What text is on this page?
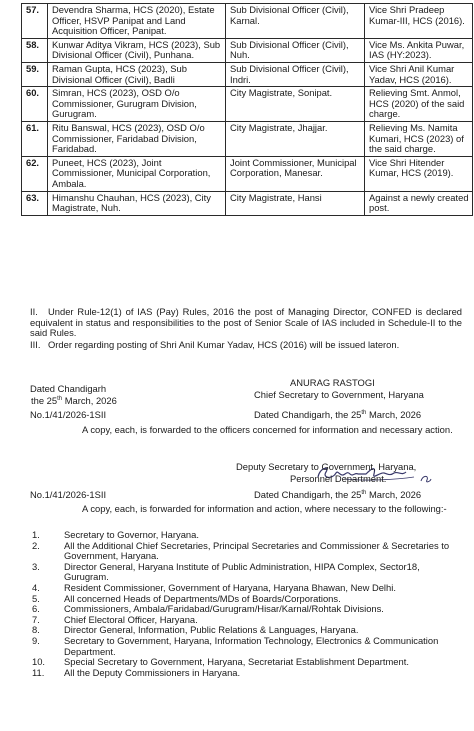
57.	Devendra Sharma, HCS (2020), Estate Officer, HSVP Panipat and Land Acquisition Officer, Panipat.	Sub Divisional Officer (Civil), Karnal.	Vice Shri Pradeep Kumar-III, HCS (2016).
58.	Kunwar Aditya Vikram, HCS (2023), Sub Divisional Officer (Civil), Punhana.	Sub Divisional Officer (Civil), Nuh.	Vice Ms. Ankita Puwar, IAS (HY:2023).
59.	Raman Gupta, HCS (2023), Sub Divisional Officer (Civil), Badli	Sub Divisional Officer (Civil), Indri.	Vice Shri Anil Kumar Yadav, HCS (2016).
60.	Simran, HCS (2023), OSD O/o Commissioner, Gurugram Division, Gurugram.	City Magistrate, Sonipat.	Relieving Smt. Anmol, HCS (2020) of the said charge.
61.	Ritu Banswal, HCS (2023), OSD O/o Commissioner, Faridabad Division, Faridabad.	City Magistrate, Jhajjar.	Relieving Ms. Namita Kumari, HCS (2023) of the said charge.
62.	Puneet, HCS (2023), Joint Commissioner, Municipal Corporation, Ambala.	Joint Commissioner, Municipal Corporation, Manesar.	Vice Shri Hitender Kumar, HCS (2019).
63.	Himanshu Chauhan, HCS (2023), City Magistrate, Nuh.	City Magistrate, Hansi	Against a newly created post.
II. Under Rule-12(1) of IAS (Pay) Rules, 2016 the post of Managing Director, CONFED is declared equivalent in status and responsibilities to the post of Senior Scale of IAS included in Schedule-II to the said Rules.
III. Order regarding posting of Shri Anil Kumar Yadav, HCS (2016) will be issued lateron.
Dated Chandigarh
the 25th March, 2026
ANURAG RASTOGI
Chief Secretary to Government, Haryana
No.1/41/2026-1SII	Dated Chandigarh, the 25th March, 2026
A copy, each, is forwarded to the officers concerned for information and necessary action.
Deputy Secretary to Government, Haryana,
Personnel Department.
No.1/41/2026-1SII	Dated Chandigarh, the 25th March, 2026
A copy, each, is forwarded for information and action, where necessary to the following:-
1.	Secretary to Governor, Haryana.
2.	All the Additional Chief Secretaries, Principal Secretaries and Commissioner & Secretaries to Government, Haryana.
3.	Director General, Haryana Institute of Public Administration, HIPA Complex, Sector18, Gurugram.
4.	Resident Commissioner, Government of Haryana, Haryana Bhawan, New Delhi.
5.	All concerned Heads of Departments/MDs of Boards/Corporations.
6.	Commissioners, Ambala/Faridabad/Gurugram/Hisar/Karnal/Rohtak Divisions.
7.	Chief Electoral Officer, Haryana.
8.	Director General, Information, Public Relations & Languages, Haryana.
9.	Secretary to Government, Haryana, Information Technology, Electronics & Communication Department.
10. Special Secretary to Government, Haryana, Secretariat Establishment Department.
11. All the Deputy Commissioners in Haryana.
